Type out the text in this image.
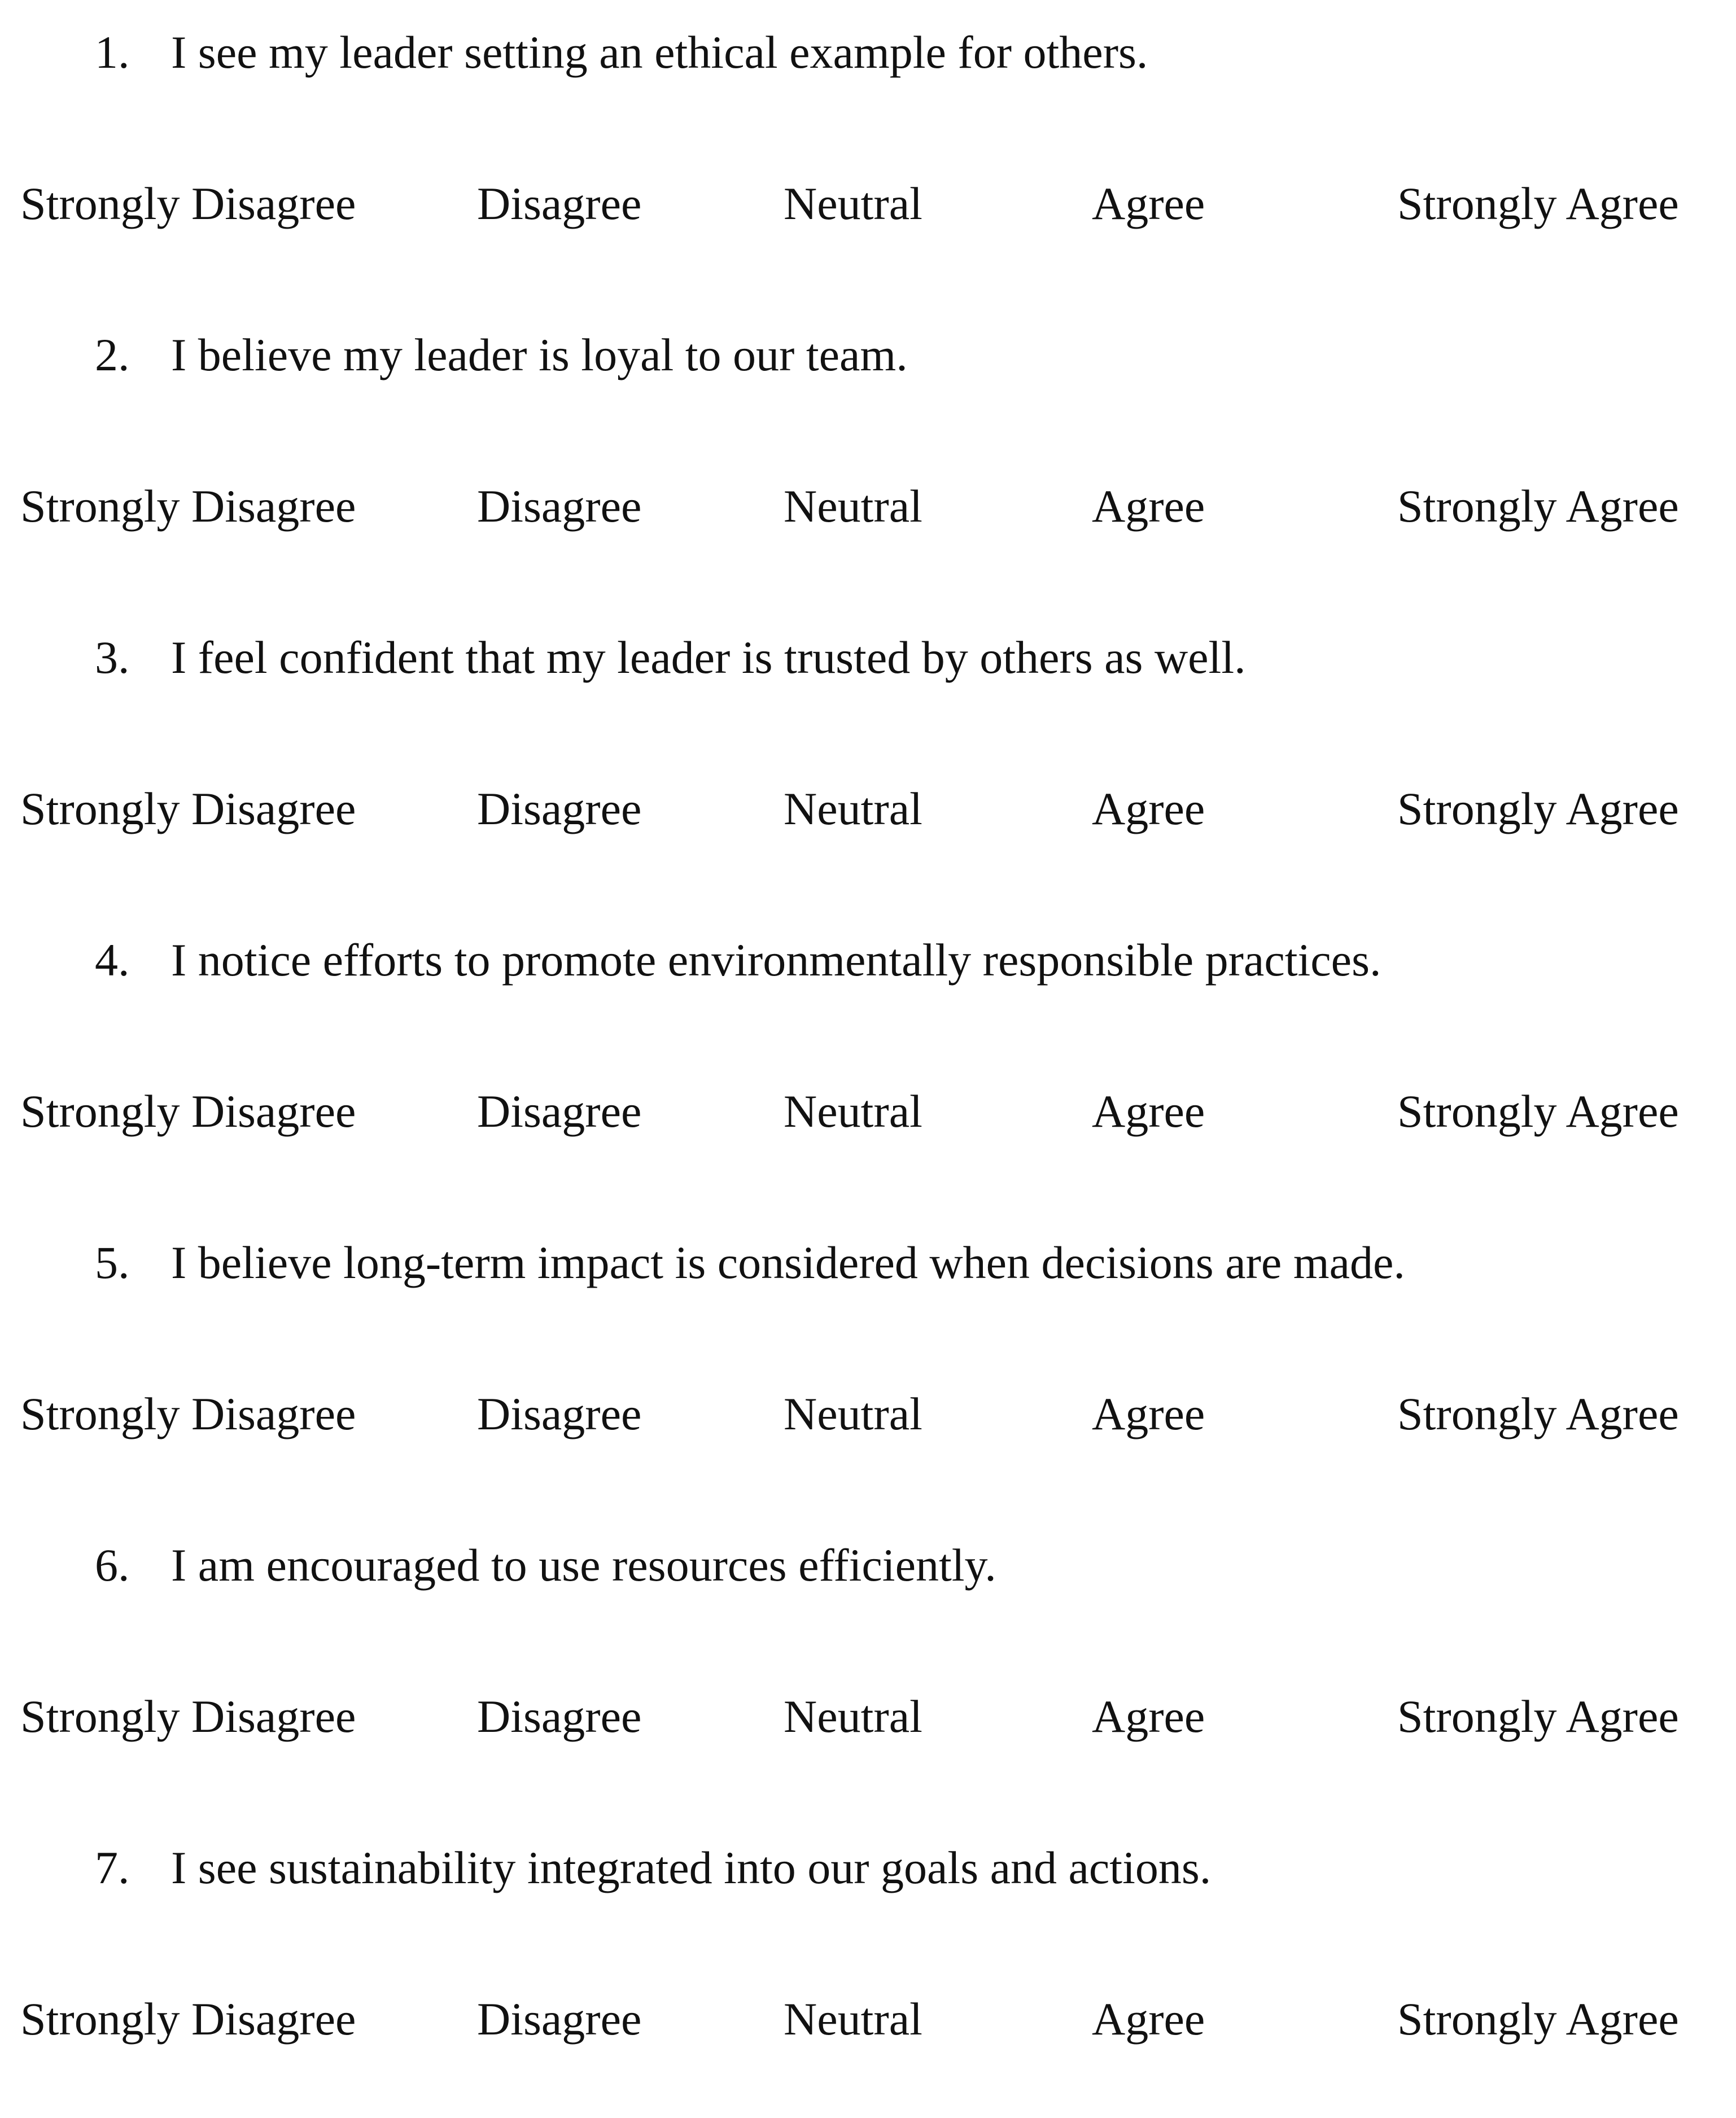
1. I see my leader setting an ethical example for others.
Strongly Disagree	Disagree	Neutral	Agree	Strongly Agree
2. I believe my leader is loyal to our team.
Strongly Disagree	Disagree	Neutral	Agree	Strongly Agree
3. I feel confident that my leader is trusted by others as well.
Strongly Disagree	Disagree	Neutral	Agree	Strongly Agree
4. I notice efforts to promote environmentally responsible practices.
Strongly Disagree	Disagree	Neutral	Agree	Strongly Agree
5. I believe long-term impact is considered when decisions are made.
Strongly Disagree	Disagree	Neutral	Agree	Strongly Agree
6. I am encouraged to use resources efficiently.
Strongly Disagree	Disagree	Neutral	Agree	Strongly Agree
7. I see sustainability integrated into our goals and actions.
Strongly Disagree	Disagree	Neutral	Agree	Strongly Agree
